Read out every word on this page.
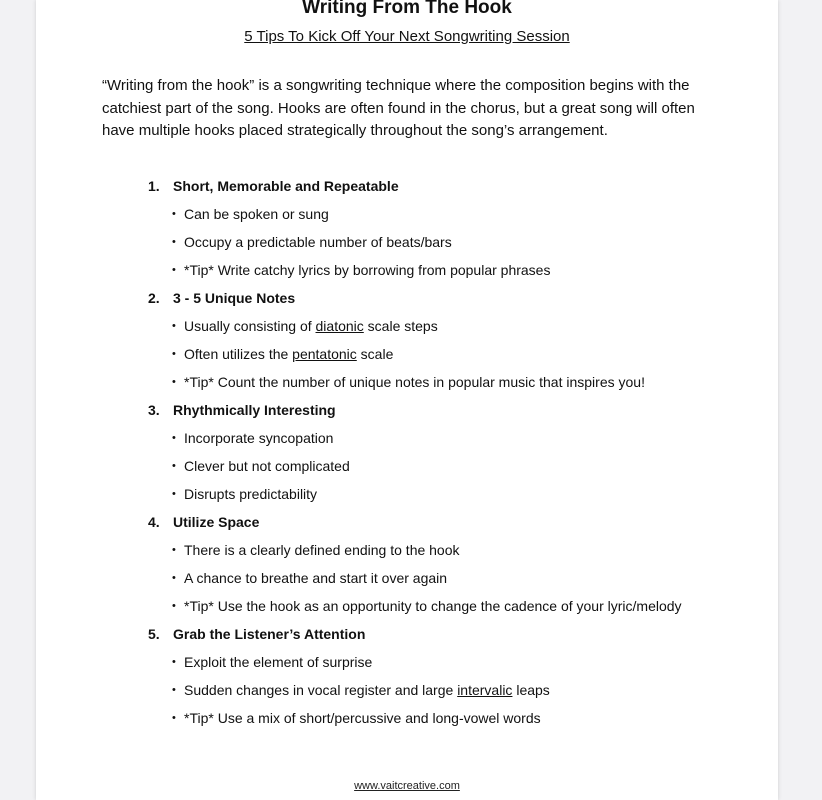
Writing From The Hook

5 Tips To Kick Off Your Next Songwriting Session

“Writing from the hook” is a songwriting technique where the composition begins with the catchiest part of the song. Hooks are often found in the chorus, but a great song will often have multiple hooks placed strategically throughout the song’s arrangement.

1. Short, Memorable and Repeatable
• Can be spoken or sung
• Occupy a predictable number of beats/bars
• *Tip* Write catchy lyrics by borrowing from popular phrases
2. 3 - 5 Unique Notes
• Usually consisting of diatonic scale steps
• Often utilizes the pentatonic scale
• *Tip* Count the number of unique notes in popular music that inspires you!
3. Rhythmically Interesting
• Incorporate syncopation
• Clever but not complicated
• Disrupts predictability
4. Utilize Space
• There is a clearly defined ending to the hook
• A chance to breathe and start it over again
• *Tip* Use the hook as an opportunity to change the cadence of your lyric/melody
5. Grab the Listener’s Attention
• Exploit the element of surprise
• Sudden changes in vocal register and large intervalic leaps
• *Tip* Use a mix of short/percussive and long-vowel words
www.vaitcreative.com
